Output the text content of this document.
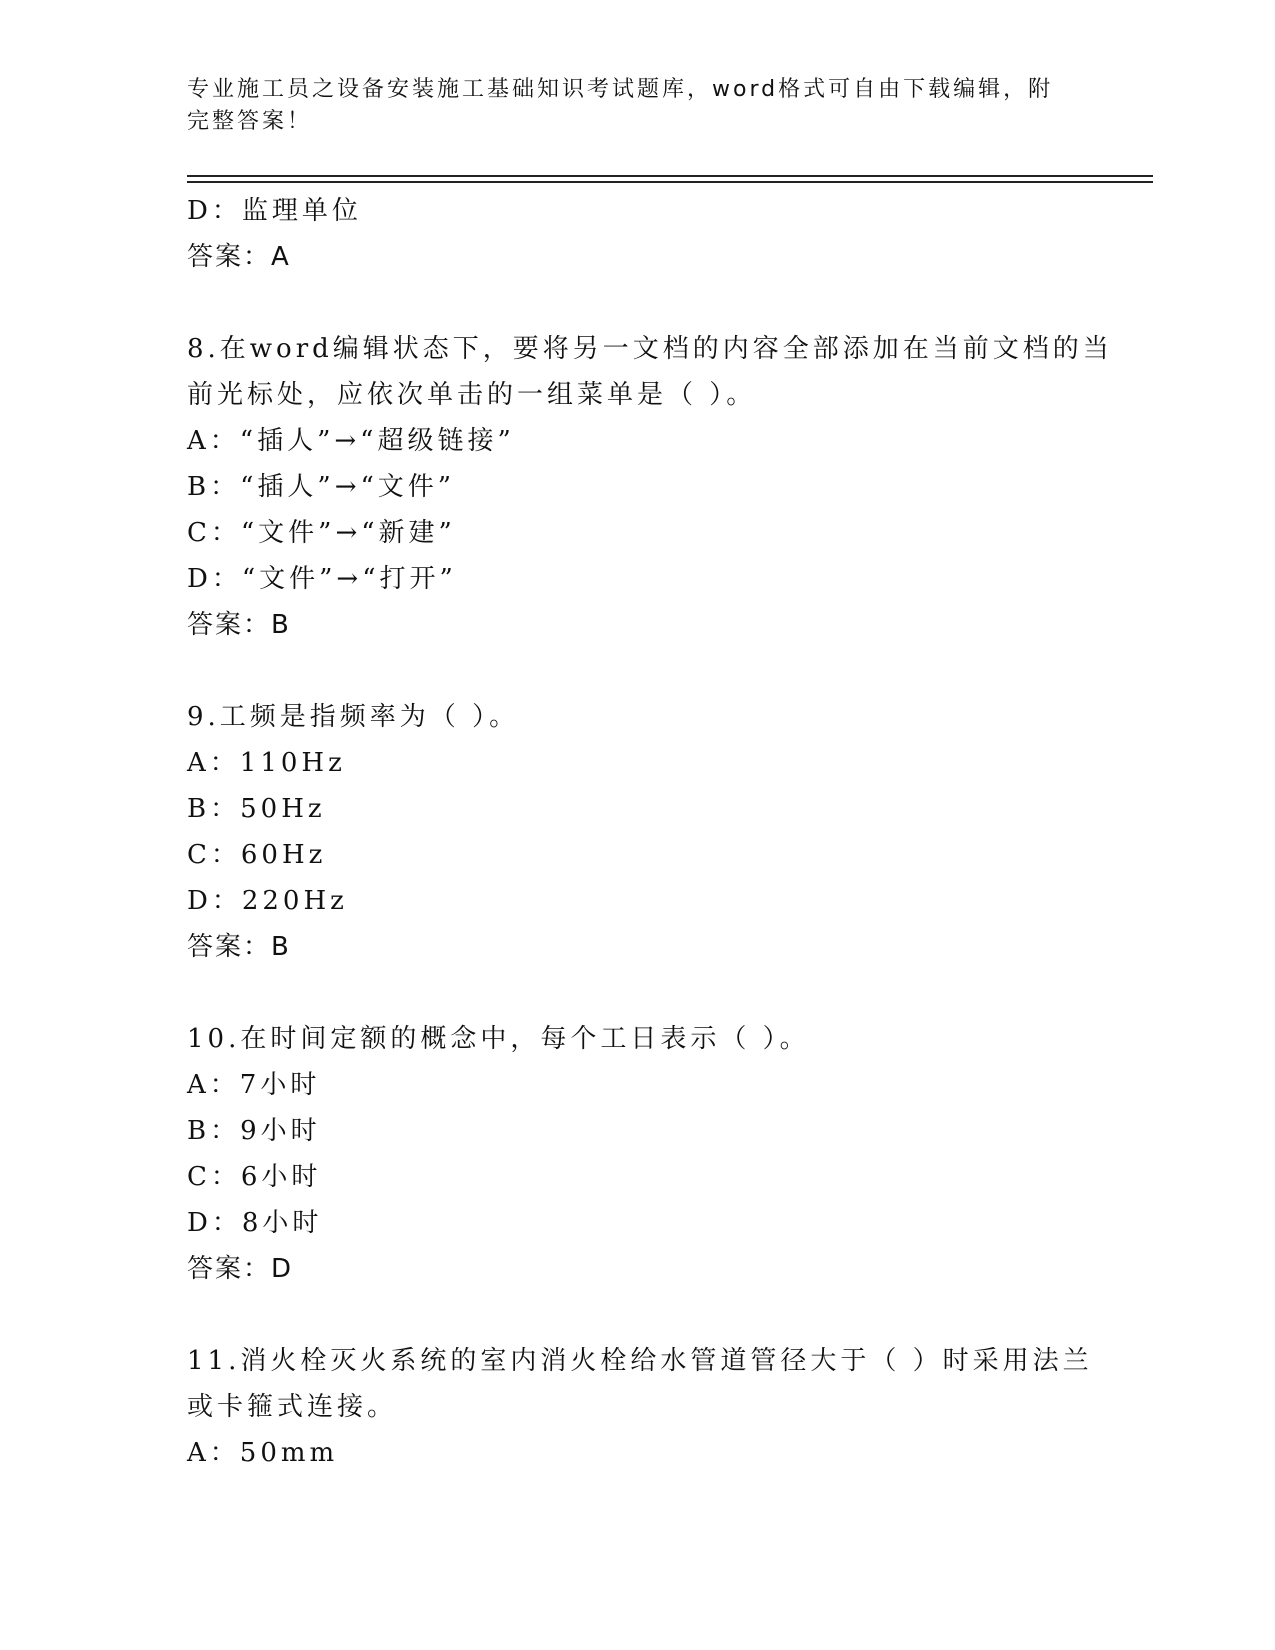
专业施工员之设备安装施工基础知识考试题库，word格式可自由下载编辑，附完整答案！
D：监理单位
答案：A
8.在word编辑状态下，要将另一文档的内容全部添加在当前文档的当
前光标处，应依次单击的一组菜单是（ ）。
A：“插人”→“超级链接”
B：“插人”→“文件”
C：“文件”→“新建”
D：“文件”→“打开”
答案：B
9.工频是指频率为（ ）。
A：110Hz
B：50Hz
C：60Hz
D：220Hz
答案：B
10.在时间定额的概念中，每个工日表示（ ）。
A：7小时
B：9小时
C：6小时
D：8小时
答案：D
11.消火栓灭火系统的室内消火栓给水管道管径大于（ ）时采用法兰
或卡箍式连接。
A：50mm
